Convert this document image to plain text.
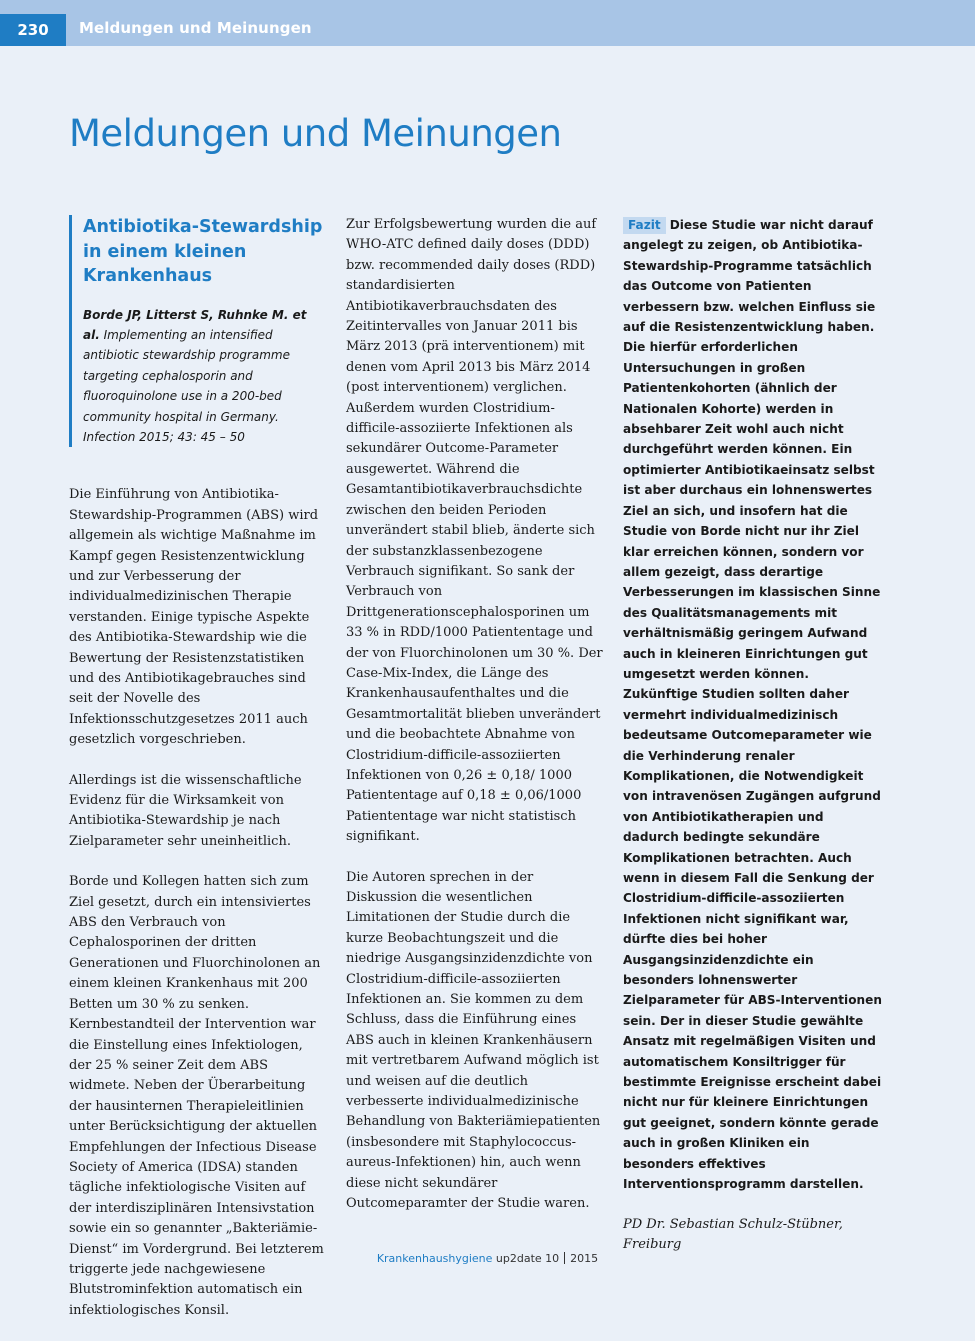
230	Meldungen und Meinungen
Meldungen und Meinungen
Antibiotika-Stewardship in einem kleinen Krankenhaus

Borde JP, Litterst S, Ruhnke M. et al. Implementing an intensified antibiotic stewardship programme targeting cephalosporin and fluoroquinolone use in a 200-bed community hospital in Germany. Infection 2015; 43: 45 – 50

Die Einführung von Antibiotika-Stewardship-Programmen (ABS) wird allgemein als wichtige Maßnahme im Kampf gegen Resistenzentwicklung und zur Verbesserung der individualmedizinischen Therapie verstanden. Einige typische Aspekte des Antibiotika-Stewardship wie die Bewertung der Resistenzstatistiken und des Antibiotikagebrauches sind seit der Novelle des Infektionsschutzgesetzes 2011 auch gesetzlich vorgeschrieben.

Allerdings ist die wissenschaftliche Evidenz für die Wirksamkeit von Antibiotika-Stewardship je nach Zielparameter sehr uneinheitlich.

Borde und Kollegen hatten sich zum Ziel gesetzt, durch ein intensiviertes ABS den Verbrauch von Cephalosporinen der dritten Generationen und Fluorchinolonen an einem kleinen Krankenhaus mit 200 Betten um 30 % zu senken. Kernbestandteil der Intervention war die Einstellung eines Infektiologen, der 25 % seiner Zeit dem ABS widmete. Neben der Überarbeitung der hausinternen Therapieleitlinien unter Berücksichtigung der aktuellen Empfehlungen der Infectious Disease Society of America (IDSA) standen tägliche infektiologische Visiten auf der interdisziplinären Intensivstation sowie ein so genannter „Bakteriämie-Dienst“ im Vordergrund. Bei letzterem triggerte jede nachgewiesene Blutstrominfektion automatisch ein infektiologisches Konsil.

Zur Erfolgsbewertung wurden die auf WHO-ATC defined daily doses (DDD) bzw. recommended daily doses (RDD) standardisierten Antibiotikaverbrauchsdaten des Zeitintervalles von Januar 2011 bis März 2013 (prä interventionem) mit denen vom April 2013 bis März 2014 (post interventionem) verglichen. Außerdem wurden Clostridium-difficile-assoziierte Infektionen als sekundärer Outcome-Parameter ausgewertet. Während die Gesamtantibiotikaverbrauchsdichte zwischen den beiden Perioden unverändert stabil blieb, änderte sich der substanzklassenbezogene Verbrauch signifikant. So sank der Verbrauch von Drittgenerationscephalosporinen um 33 % in RDD/1000 Patiententage und der von Fluorchinolonen um 30 %. Der Case-Mix-Index, die Länge des Krankenhausaufenthaltes und die Gesamtmortalität blieben unverändert und die beobachtete Abnahme von Clostridium-difficile-assoziierten Infektionen von 0,26 ± 0,18/ 1000 Patiententage auf 0,18 ± 0,06/1000 Patiententage war nicht statistisch signifikant.

Die Autoren sprechen in der Diskussion die wesentlichen Limitationen der Studie durch die kurze Beobachtungszeit und die niedrige Ausgangsinzidenzdichte von Clostridium-difficile-assoziierten Infektionen an. Sie kommen zu dem Schluss, dass die Einführung eines ABS auch in kleinen Krankenhäusern mit vertretbarem Aufwand möglich ist und weisen auf die deutlich verbesserte individualmedizinische Behandlung von Bakteriämiepatienten (insbesondere mit Staphylococcus-aureus-Infektionen) hin, auch wenn diese nicht sekundärer Outcomeparamter der Studie waren.

Fazit Diese Studie war nicht darauf angelegt zu zeigen, ob Antibiotika-Stewardship-Programme tatsächlich das Outcome von Patienten verbessern bzw. welchen Einfluss sie auf die Resistenzentwicklung haben. Die hierfür erforderlichen Untersuchungen in großen Patientenkohorten (ähnlich der Nationalen Kohorte) werden in absehbarer Zeit wohl auch nicht durchgeführt werden können. Ein optimierter Antibiotikaeinsatz selbst ist aber durchaus ein lohnenswertes Ziel an sich, und insofern hat die Studie von Borde nicht nur ihr Ziel klar erreichen können, sondern vor allem gezeigt, dass derartige Verbesserungen im klassischen Sinne des Qualitätsmanagements mit verhältnismäßig geringem Aufwand auch in kleineren Einrichtungen gut umgesetzt werden können. Zukünftige Studien sollten daher vermehrt individualmedizinisch bedeutsame Outcomeparameter wie die Verhinderung renaler Komplikationen, die Notwendigkeit von intravenösen Zugängen aufgrund von Antibiotikatherapien und dadurch bedingte sekundäre Komplikationen betrachten. Auch wenn in diesem Fall die Senkung der Clostridium-difficile-assoziierten Infektionen nicht signifikant war, dürfte dies bei hoher Ausgangsinzidenzdichte ein besonders lohnenswerter Zielparameter für ABS-Interventionen sein. Der in dieser Studie gewählte Ansatz mit regelmäßigen Visiten und automatischem Konsiltrigger für bestimmte Ereignisse erscheint dabei nicht nur für kleinere Einrichtungen gut geeignet, sondern könnte gerade auch in großen Kliniken ein besonders effektives Interventionsprogramm darstellen.
PD Dr. Sebastian Schulz-Stübner, Freiburg
Krankenhaushygiene up2date 10 2015
